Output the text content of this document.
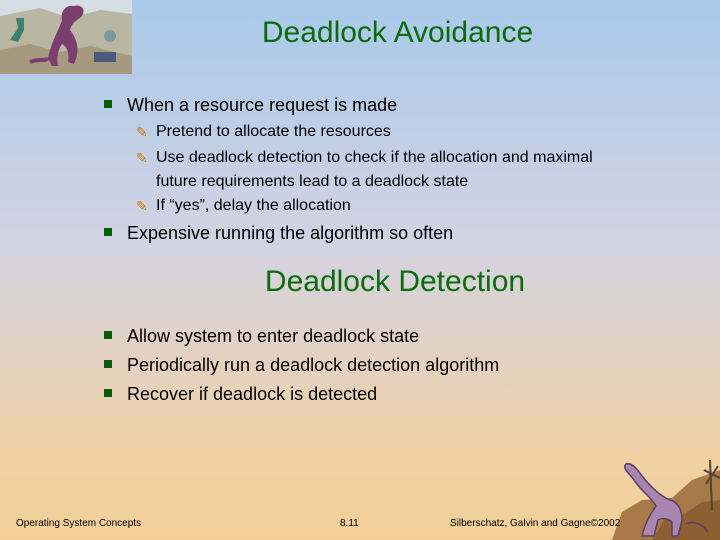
Deadlock Avoidance
When a resource request is made
✎ Pretend to allocate the resources
✎ Use deadlock detection to check if the allocation and maximal future requirements lead to a deadlock state
✎ If “yes”, delay the allocation
Expensive running the algorithm so often
Deadlock Detection
Allow system to enter deadlock state
Periodically run a deadlock detection algorithm
Recover if deadlock is detected
Operating System Concepts	8.11	Silberschatz, Galvin and Gagne©2002
